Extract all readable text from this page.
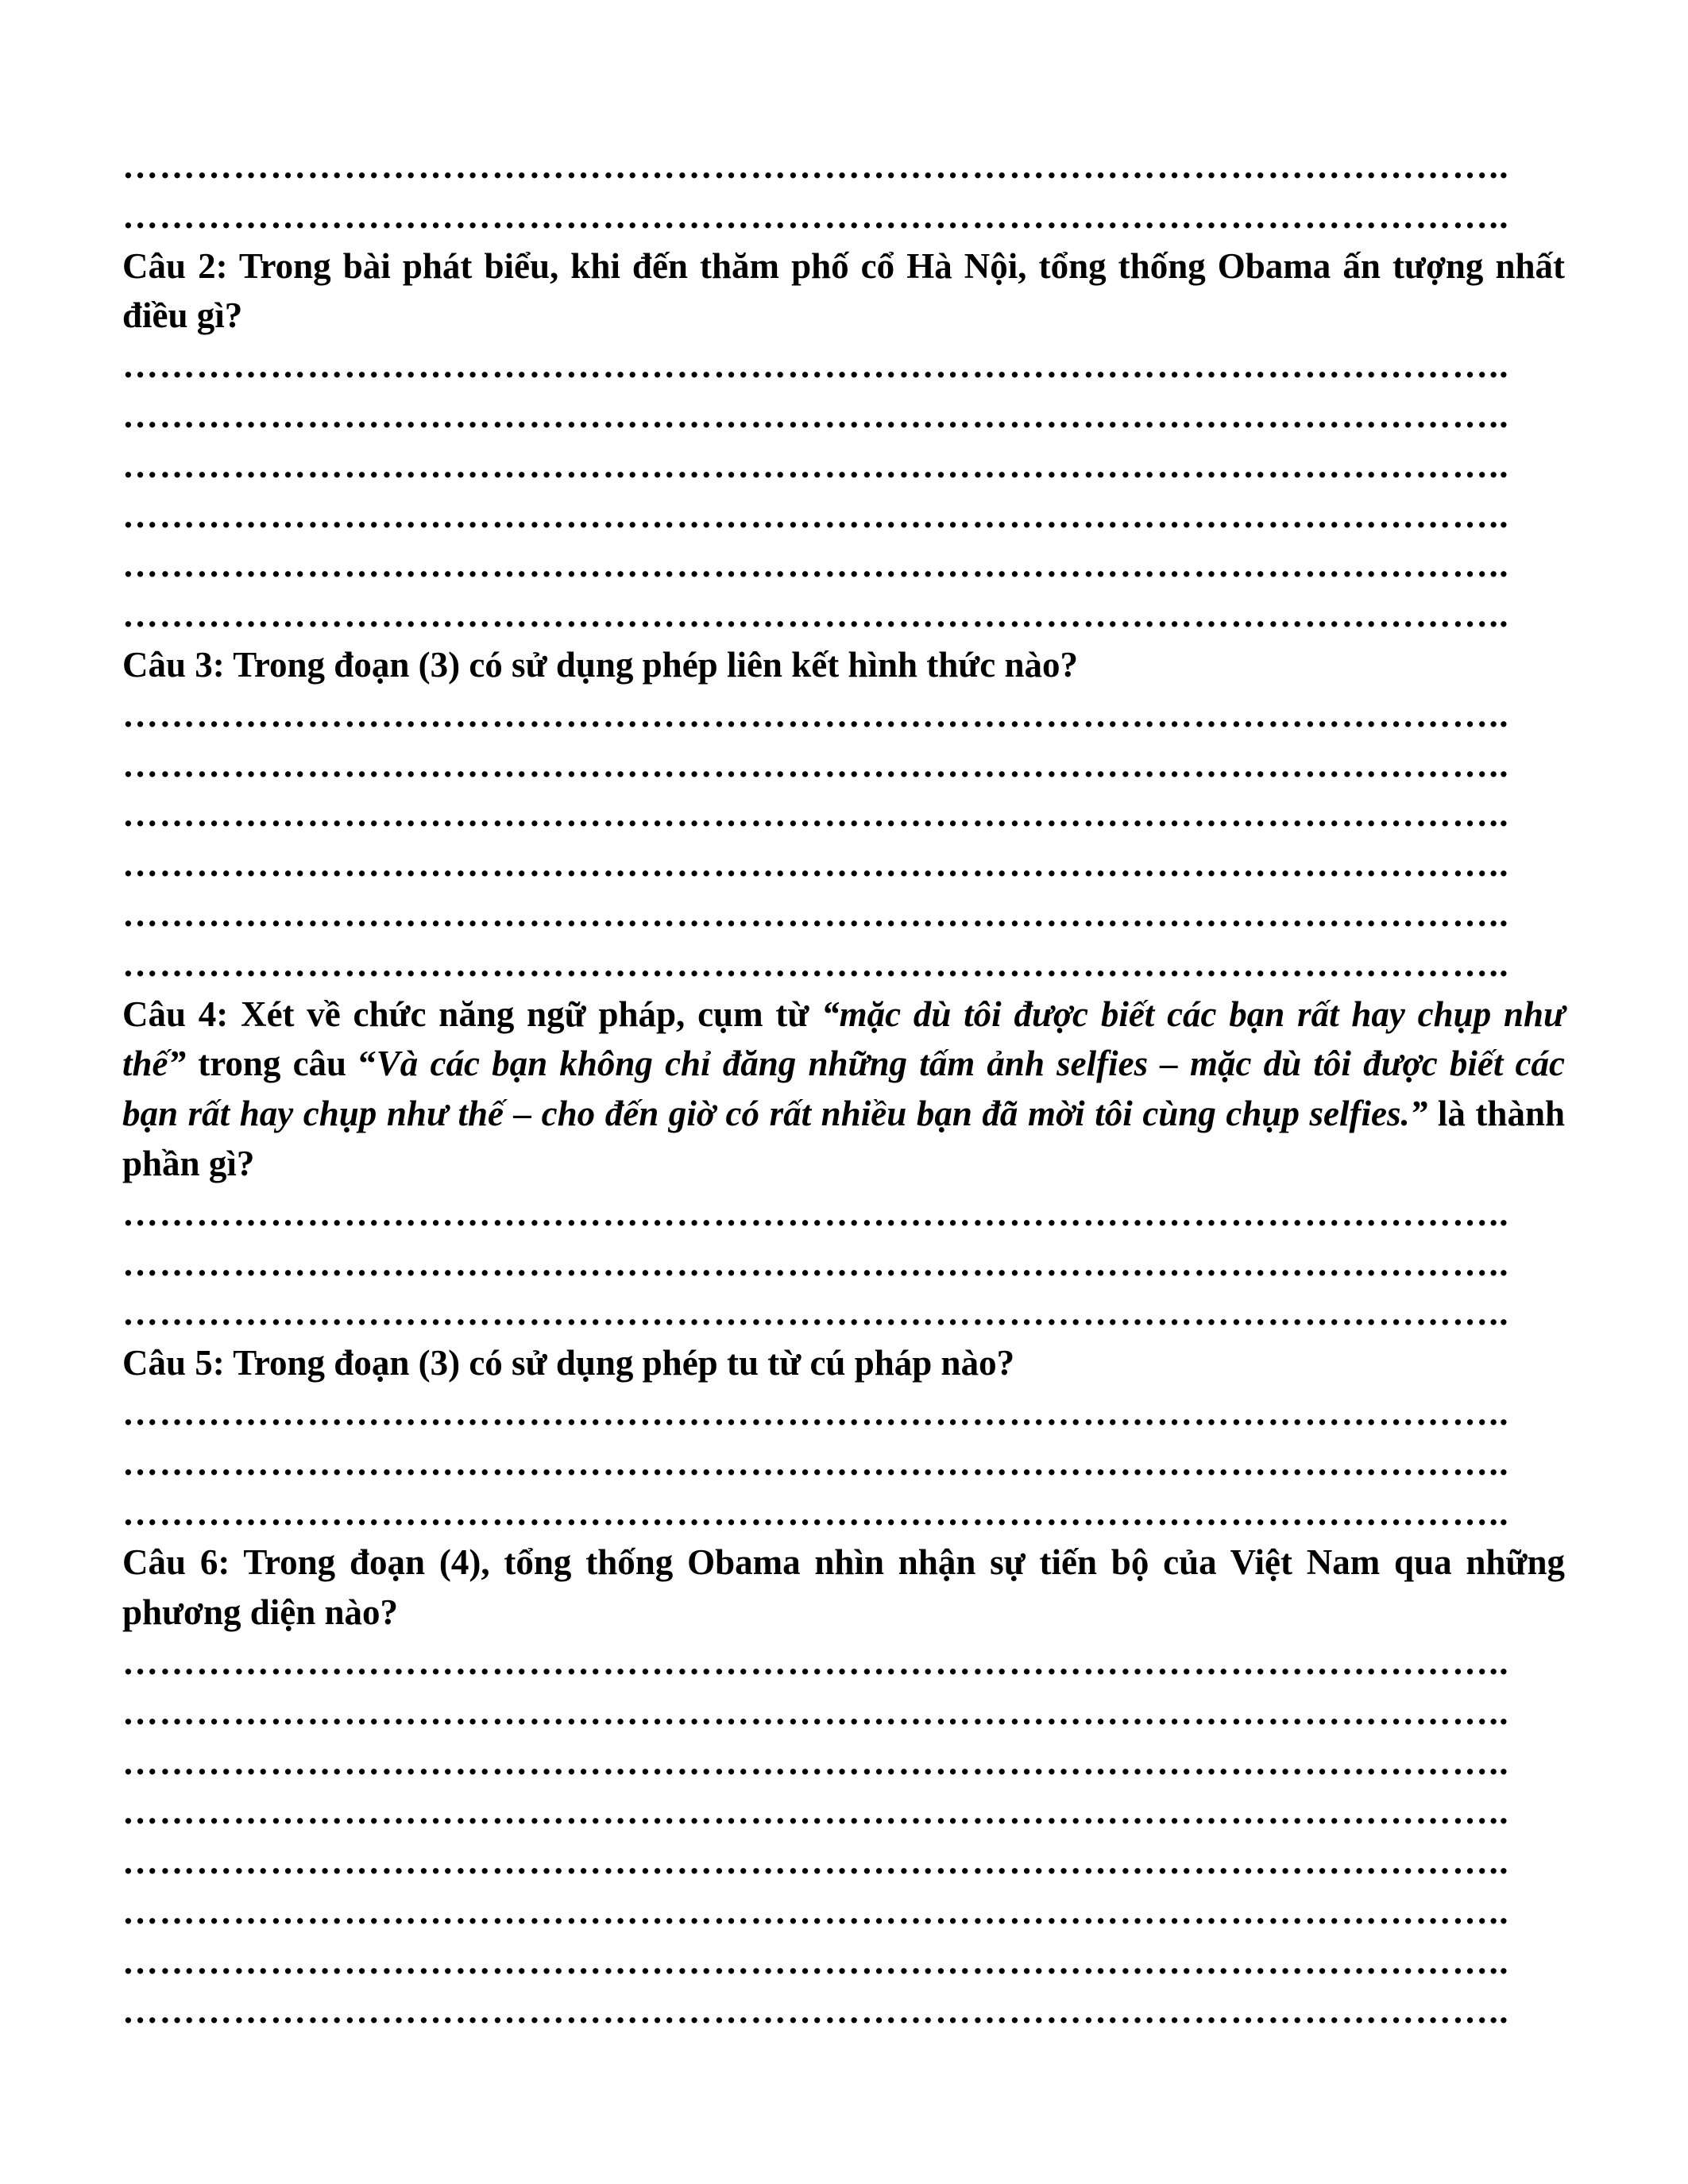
…………………………………………………………………………………………………..
…………………………………………………………………………………………………..
Câu 2: Trong bài phát biểu, khi đến thăm phố cổ Hà Nội, tổng thống Obama ấn tượng nhất điều gì?
…………………………………………………………………………………………………..
…………………………………………………………………………………………………..
…………………………………………………………………………………………………..
…………………………………………………………………………………………………..
…………………………………………………………………………………………………..
…………………………………………………………………………………………………..
Câu 3: Trong đoạn (3) có sử dụng phép liên kết hình thức nào?
…………………………………………………………………………………………………..
…………………………………………………………………………………………………..
…………………………………………………………………………………………………..
…………………………………………………………………………………………………..
…………………………………………………………………………………………………..
…………………………………………………………………………………………………..
Câu 4: Xét về chức năng ngữ pháp, cụm từ “mặc dù tôi được biết các bạn rất hay chụp như thế” trong câu “Và các bạn không chỉ đăng những tấm ảnh selfies – mặc dù tôi được biết các bạn rất hay chụp như thế – cho đến giờ có rất nhiều bạn đã mời tôi cùng chụp selfies.” là thành phần gì?
…………………………………………………………………………………………………..
…………………………………………………………………………………………………..
…………………………………………………………………………………………………..
Câu 5: Trong đoạn (3) có sử dụng phép tu từ cú pháp nào?
…………………………………………………………………………………………………..
…………………………………………………………………………………………………..
…………………………………………………………………………………………………..
Câu 6: Trong đoạn (4), tổng thống Obama nhìn nhận sự tiến bộ của Việt Nam qua những phương diện nào?
…………………………………………………………………………………………………..
…………………………………………………………………………………………………..
…………………………………………………………………………………………………..
…………………………………………………………………………………………………..
…………………………………………………………………………………………………..
…………………………………………………………………………………………………..
…………………………………………………………………………………………………..
…………………………………………………………………………………………………..
